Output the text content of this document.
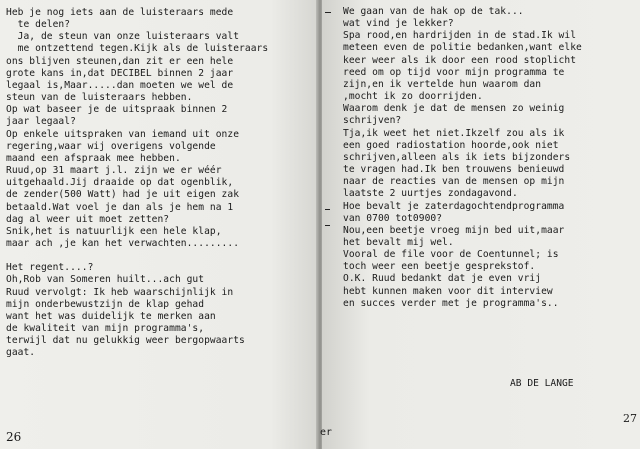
Heb je nog iets aan de luisteraars mede
te delen?
Ja, de steun van onze luisteraars valt
me ontzettend tegen.Kijk als de luisteraars
ons blijven steunen,dan zit er een hele
grote kans in,dat DECIBEL binnen 2 jaar
legaal is,Maar.....dan moeten we wel de
steun van de luisteraars hebben.
Op wat baseer je de uitspraak binnen 2
jaar legaal?
Op enkele uitspraken van iemand uit onze
regering,waar wij overigens volgende
maand een afspraak mee hebben.
Ruud,op 31 maart j.l. zijn we er wéér
uitgehaald.Jij draaide op dat ogenblik,
de zender(500 Watt) had je uit eigen zak
betaald.Wat voel je dan als je hem na 1
dag al weer uit moet zetten?
Snik,het is natuurlijk een hele klap,
maar ach ,je kan het verwachten.........

Het regent....?
Oh,Rob van Someren huilt...ach gut
Ruud vervolgt: Ik heb waarschijnlijk in
mijn onderbewustzijn de klap gehad
want het was duidelijk te merken aan
de kwaliteit van mijn programma's,
terwijl dat nu gelukkig weer bergopwaarts
gaat.
26
We gaan van de hak op de tak...
wat vind je lekker?
Spa rood,en hardrijden in de stad.Ik wil
meteen even de politie bedanken,want elke
keer weer als ik door een rood stoplicht
reed om op tijd voor mijn programma te
zijn,en ik vertelde hun waarom dan
,mocht ik zo doorrijden.
Waarom denk je dat de mensen zo weinig
schrijven?
Tja,ik weet het niet.Ikzelf zou als ik
een goed radiostation hoorde,ook niet
schrijven,alleen als ik iets bijzonders
te vragen had.Ik ben trouwens benieuwd
naar de reacties van de mensen op mijn
laatste 2 uurtjes zondagavond.
Hoe bevalt je zaterdagochtendprogramma
van 0700 tot0900?
Nou,een beetje vroeg mijn bed uit,maar
het bevalt mij wel.
Vooral de file voor de Coentunnel; is
toch weer een beetje gesprekstof.
O.K. Ruud bedankt dat je even vrij
hebt kunnen maken voor dit interview
en succes verder met je programma's..
AB DE LANGE
er
27
